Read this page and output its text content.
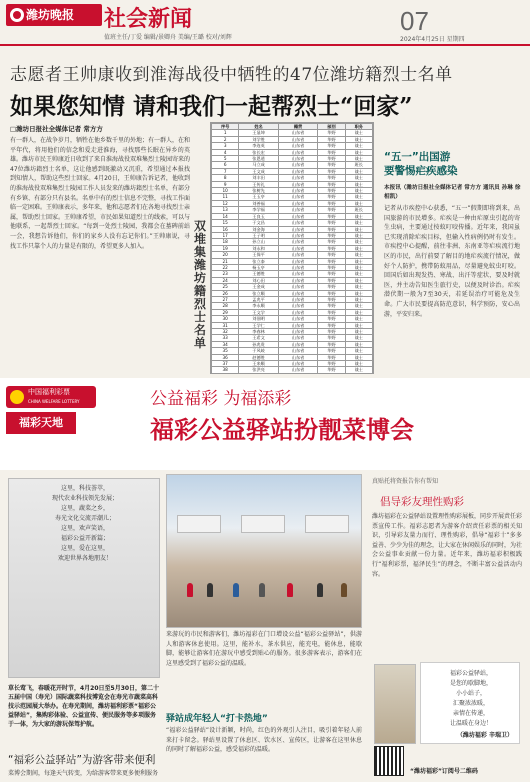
潍坊晚报	社会新闻
值班主任/丁爱 编辑/景卿舟 美编/王璐 校对/刘辉
07
2024年4月25日 星期四
志愿者王帅康收到淮海战役中牺牲的47位潍坊籍烈士名单
如果您知情 请和我们一起帮烈士“回家”
□潍坊日报社全媒体记者 常方方
有一群人，在战争岁月，牺牲在他乡数千里的外地；有一群人，在和平年代，将用他们的信念和爱走进淮海，寻找那些长眠在异乡的英雄。潍坊市民王帅康近日收到了来自淮海战役双堆集烈士陵园寄来的47位潍坊籍烈士名单，这让他感到既激动又沉重，希望通过本报找到知情人，帮助这些烈士回家。4月20日，王帅康告诉记者，他收到的淮海战役双堆集烈士陵园工作人员发来的潍坊籍烈士名单，有部分有乡镇、有部分只有县名。名单中有的烈士信息不完整，寻找工作面临一定困难。王帅康表示，多年来，他和志愿者们在各地寻找烈士亲属，帮助烈士回家。王帅康希望，市民如果知道烈士的线索，可以与他联系，一起帮烈士回家。“每到一处烈士陵园，我都会在墓碑前站一会，我想告诉他们，你们的家乡人没有忘记你们。”王帅康说，寻找工作只靠个人的力量是有限的，希望更多人加入。
双堆集潍坊籍烈士名单
序号	姓名	籍贯	部别	职务
1	王显坤	山东省	华野	战士
2	刘学胜	山东省	华野	战士
3	李连英	山东省	华野	战士
4	张长宏	山东省	华野	战士
5	张恩道	山东省	华野	战士
6	马立成	山东省	华野	班长
7	王文成	山东省	华野	战士
8	刘丰田	山东省	华野	战士
9	王传礼	山东省	华野	战士
10	张树先	山东省	华野	战士
11	王玉亭	山东省	华野	战士
12	刘善福	山东省	华野	战士
13	李学福	山东省	华野	班长
14	王良玉	山东省	华野	战士
15	于文昌	山东省	华野	战士
16	刘金海	山东省	华野	战士
17	王子明	山东省	华野	战士
18	孙立山	山东省	华野	战士
19	刘永和	山东省	华野	战士
20	王保平	山东省	华野	战士
21	张立泰	山东省	华野	战士
22	杨玉亭	山东省	华野	战士
23	王德胜	山东省	华野	战士
24	刘心田	山东省	华野	战士
25	王金成	山东省	华野	战士
26	张立顺	山东省	华野	战士
27	孟兆平	山东省	华野	战士
28	李永顺	山东省	华野	战士
29	王文学	山东省	华野	战士
30	刘佃明	山东省	华野	战士
31	王学仁	山东省	华野	战士
32	李春林	山东省	华野	战士
33	王希文	山东省	华野	战士
34	孙兆贵	山东省	华野	战士
35	于风岐	山东省	华野	战士
36	赵德胜	山东省	华野	战士
37	王来顺	山东省	华野	战士
38	张洪亮	山东省	华野	战士

“五一”出国游
要警惕疟疾感染
本报讯（潍坊日报社全媒体记者 常方方 通讯员 孙琳 徐相凯）
记者从市疾控中心获悉，“五一”假期即将到来，出国旅游的市民增多。疟疾是一种由疟原虫引起的寄生虫病，主要通过按蚊叮咬传播。近年来，我国虽已实现消除疟疾目标，但输入性病例仍时有发生。市疾控中心提醒，前往非洲、东南亚等疟疾流行地区的市民，出行前要了解目的地疟疾流行情况，做好个人防护，携带防蚊用品，尽量避免蚊虫叮咬。回国后如出现发热、寒战、出汗等症状，要及时就医，并主动告知医生旅行史，以便及时诊治。疟疾潜伏期一般为7至30天，若延误治疗可能危及生命。广大市民要提高防范意识，科学预防，安心出游，平安归来。
中国福利彩票
CHINA WELFARE LOTTERY
福彩天地
公益福彩 为福添彩
福彩公益驿站扮靓菜博会
这里，科技荟萃，
现代农业科技领先发展；
这里，蔬菜之乡，
寿光文化交流弄潮儿；
这里，欢声笑语，
福彩公益开新篇；
这里，爱在这里，
欢迎世界各地朋友！
草长莺飞，春暖花开时节，4月20日至5月30日，第二十五届中国（寿光）国际蔬菜科技博览会在寿光市蔬菜高科技示范园展大举办。在寿光期间，潍坊福利彩票“福彩公益驿站”，集购彩体验、公益宣传、便民服务等多项服务于一体，为大家的游玩保驾护航。
“福彩公益驿站”为游客带来便利
菜博会期间，每逢天气转变，为给游客带来更多便利服务
来游玩的市民和游客们，潍坊福彩在门口增设公益“福彩公益驿站”，供游人和游客休息使用。这里，能补水，茶水供应，能充电，能休息，能歇脚，能够让游客们在游玩中感受到贴心的服务。很多游客表示，游客们在这里感受到了福彩公益的温暖。
驿站成年轻人“打卡热地”
“福彩公益驿站”设计新颖，时尚，红色的外观引人注目，吸引着年轻人前来打卡留念。驿站里设置了休息区、饮水区、宣传区，让游客在这里休息的同时了解福彩公益，感受福彩的温暖。
真贴托将资报告你有帮知
倡导彩友理性购彩
潍坊福彩在公益驿站设置理性购彩展板，同步开展责任彩票宣传工作。福彩志愿者为游客介绍责任彩票的相关知识，引导彩友量力而行、理性购彩，倡导“福彩十”多多益善、少少为佳的理念，让大家在休闲娱乐的同时，为社会公益事业贡献一份力量。近年来，潍坊福彩积极践行“福利彩票，福泽民生”的理念，不断丰富公益活动内容。
福彩公益驿站，
是您的歇脚地，
小小站子，
汇聚浓浓暖，
亲情在传递，
让温暖在身边！
（潍坊福彩 辛瑞卫）
“潍坊福彩”订阅号二维码
